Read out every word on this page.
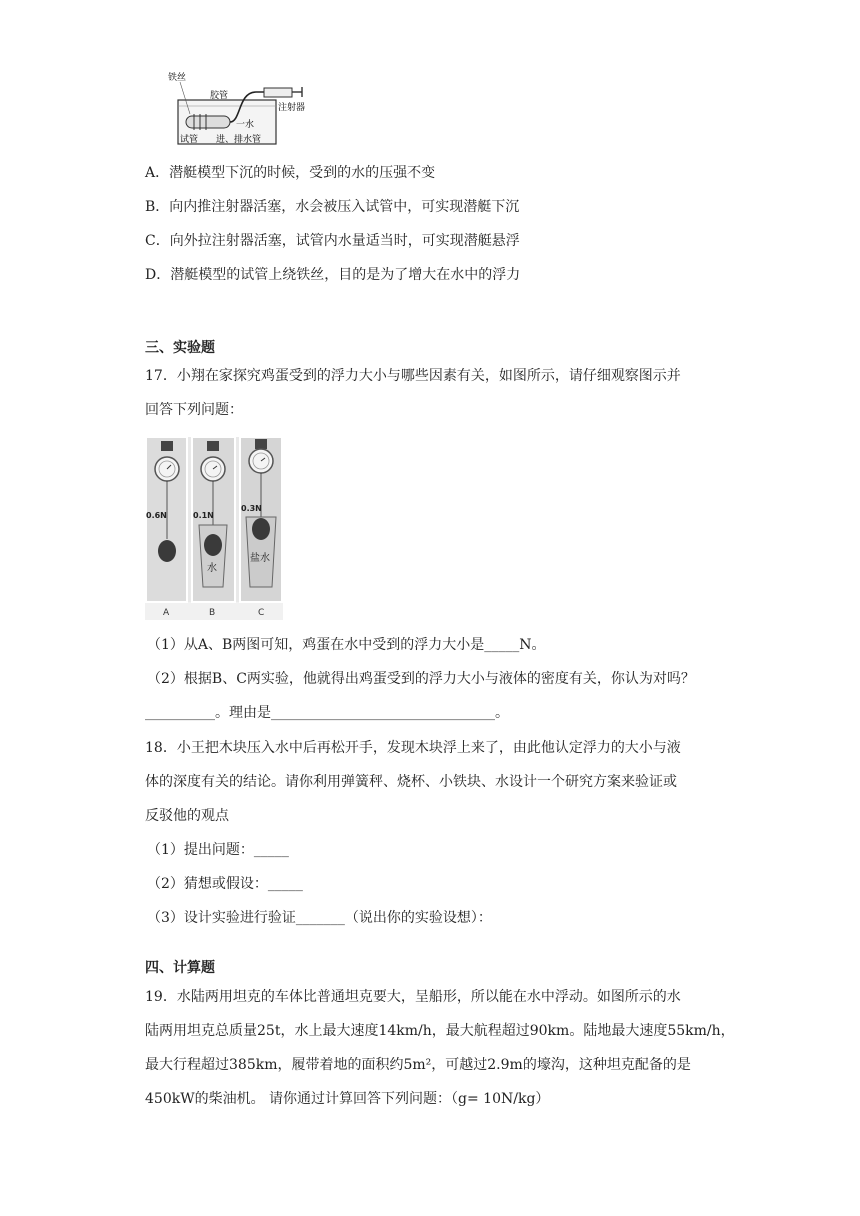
铁丝
胶管
注射器
一水
试管 进、排水管
A．潜艇模型下沉的时候，受到的水的压强不变
B．向内推注射器活塞，水会被压入试管中，可实现潜艇下沉
C．向外拉注射器活塞，试管内水量适当时，可实现潜艇悬浮
D．潜艇模型的试管上绕铁丝，目的是为了增大在水中的浮力
三、实验题
17．小翔在家探究鸡蛋受到的浮力大小与哪些因素有关，如图所示，请仔细观察图示并
回答下列问题：
0.6N	0.1N
水
0.3N
盐水
A	B	C
（1）从A、B两图可知，鸡蛋在水中受到的浮力大小是_____N。
（2）根据B、C两实验，他就得出鸡蛋受到的浮力大小与液体的密度有关，你认为对吗？
__________。理由是________________________________。
18．小王把木块压入水中后再松开手，发现木块浮上来了，由此他认定浮力的大小与液
体的深度有关的结论。请你利用弹簧秤、烧杯、小铁块、水设计一个研究方案来验证或
反驳他的观点
（1）提出问题：_____
（2）猜想或假设：_____
（3）设计实验进行验证_______（说出你的实验设想）：
四、计算题
19．水陆两用坦克的车体比普通坦克要大，呈船形，所以能在水中浮动。如图所示的水
陆两用坦克总质量25t，水上最大速度14km/h，最大航程超过90km。陆地最大速度55km/h，
最大行程超过385km，履带着地的面积约5m²，可越过2.9m的壕沟，这种坦克配备的是
450kW的柴油机。 请你通过计算回答下列问题：（g= 10N/kg）
